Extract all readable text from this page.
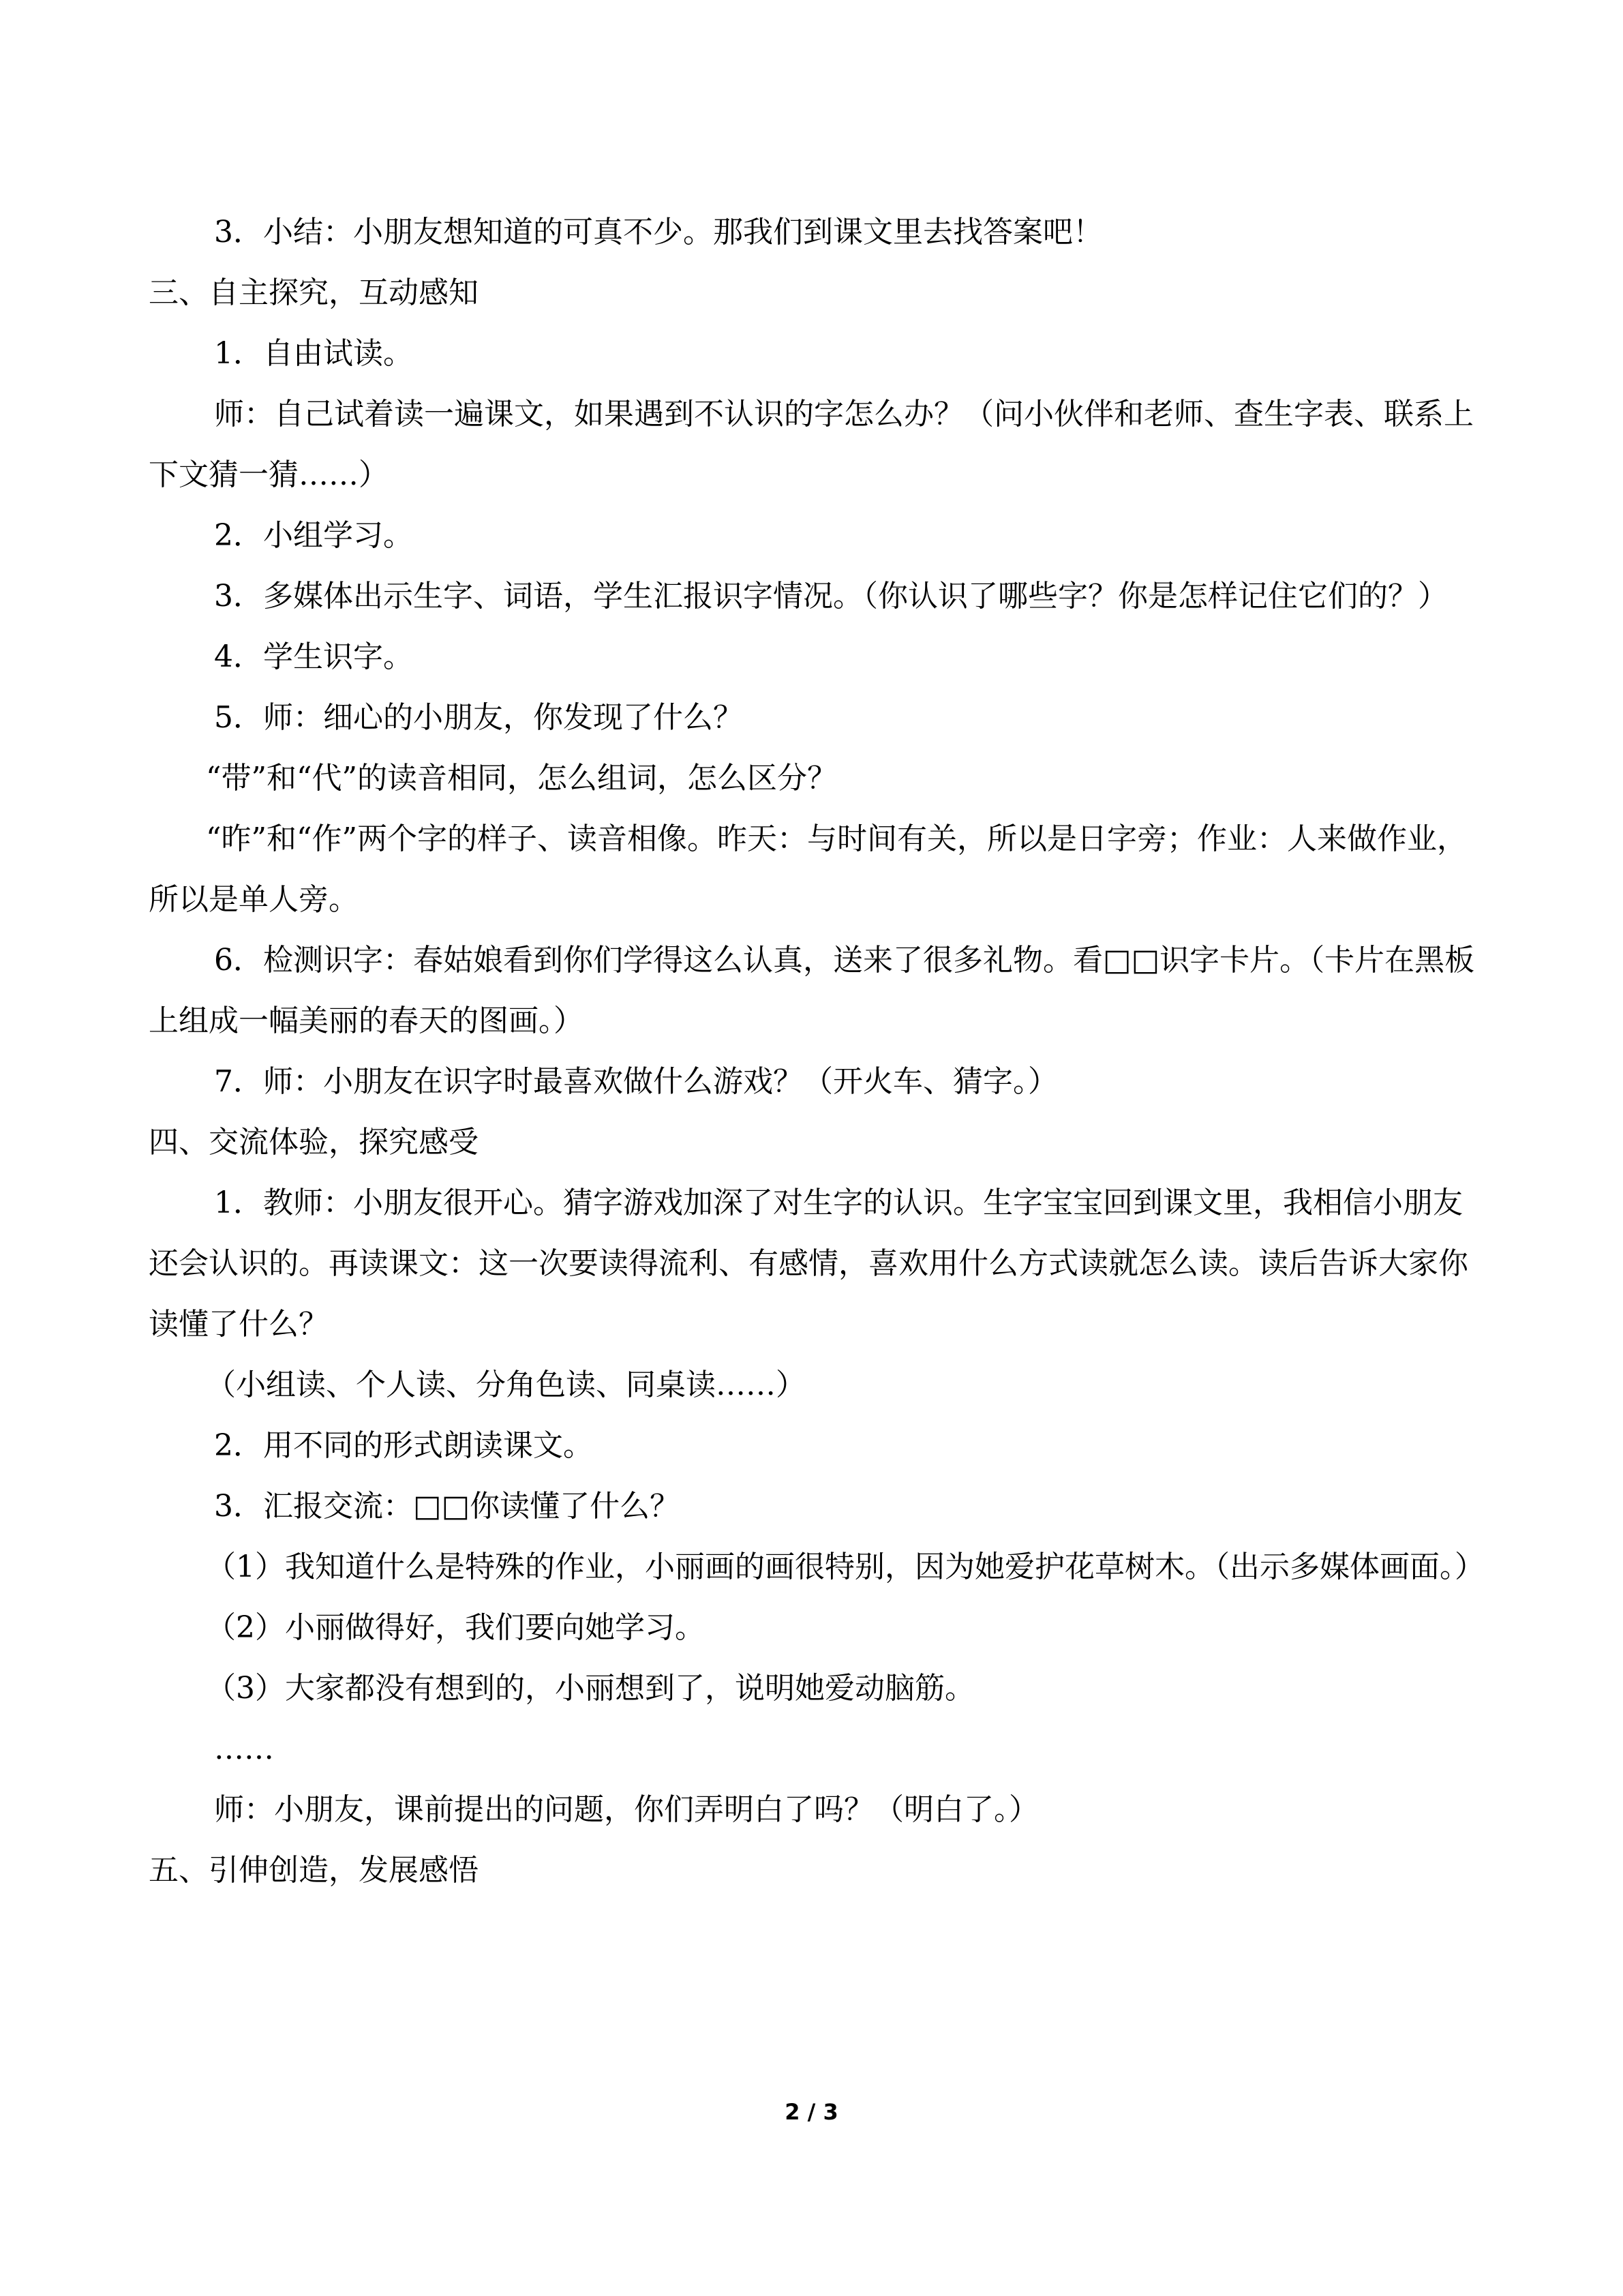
3．小结：小朋友想知道的可真不少。那我们到课文里去找答案吧！

三、自主探究，互动感知

1．自由试读。

师：自己试着读一遍课文，如果遇到不认识的字怎么办？（问小伙伴和老师、查生字表、联系上下文猜一猜……）

2．小组学习。

3．多媒体出示生字、词语，学生汇报识字情况。（你认识了哪些字？你是怎样记住它们的？）

4．学生识字。

5．师：细心的小朋友，你发现了什么？

“带”和“代”的读音相同，怎么组词，怎么区分？

“昨”和“作”两个字的样子、读音相像。昨天：与时间有关，所以是日字旁；作业：人来做作业，所以是单人旁。

6．检测识字：春姑娘看到你们学得这么认真，送来了很多礼物。看□□识字卡片。（卡片在黑板上组成一幅美丽的春天的图画。）

7．师：小朋友在识字时最喜欢做什么游戏？（开火车、猜字。）

四、交流体验，探究感受

1．教师：小朋友很开心。猜字游戏加深了对生字的认识。生字宝宝回到课文里，我相信小朋友还会认识的。再读课文：这一次要读得流利、有感情，喜欢用什么方式读就怎么读。读后告诉大家你读懂了什么？

（小组读、个人读、分角色读、同桌读……）

2．用不同的形式朗读课文。

3．汇报交流：□□你读懂了什么？

（1）我知道什么是特殊的作业，小丽画的画很特别，因为她爱护花草树木。（出示多媒体画面。）

（2）小丽做得好，我们要向她学习。

（3）大家都没有想到的，小丽想到了，说明她爱动脑筋。

……

师：小朋友，课前提出的问题，你们弄明白了吗？（明白了。）

五、引伸创造，发展感悟

2 / 3
